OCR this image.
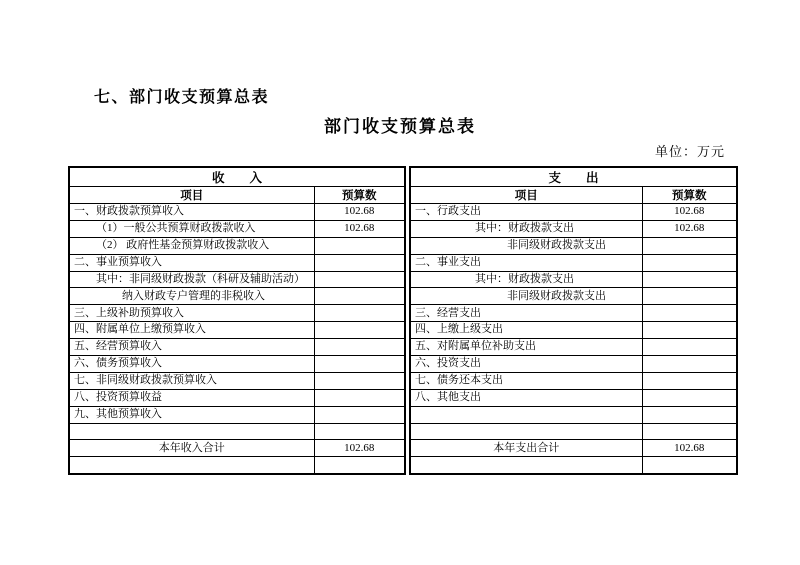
七、部门收支预算总表
部门收支预算总表
单位：万元
收　　入	
项目	预算数
一、财政拨款预算收入	102.68
（1）一般公共预算财政拨款收入	102.68
（2） 政府性基金预算财政拨款收入	
二、事业预算收入	
其中：非同级财政拨款（科研及辅助活动）	
纳入财政专户管理的非税收入	
三、上级补助预算收入	
四、附属单位上缴预算收入	
五、经营预算收入	
六、债务预算收入	
七、非同级财政拨款预算收入	
八、投资预算收益	
九、其他预算收入	

本年收入合计	102.68

支　　出	
项目	预算数
一、行政支出	102.68
其中：财政拨款支出	102.68
非同级财政拨款支出	
二、事业支出	
其中：财政拨款支出	
非同级财政拨款支出	
三、经营支出	
四、上缴上级支出	
五、对附属单位补助支出	
六、投资支出	
七、债务还本支出	
八、其他支出	

本年支出合计	102.68
